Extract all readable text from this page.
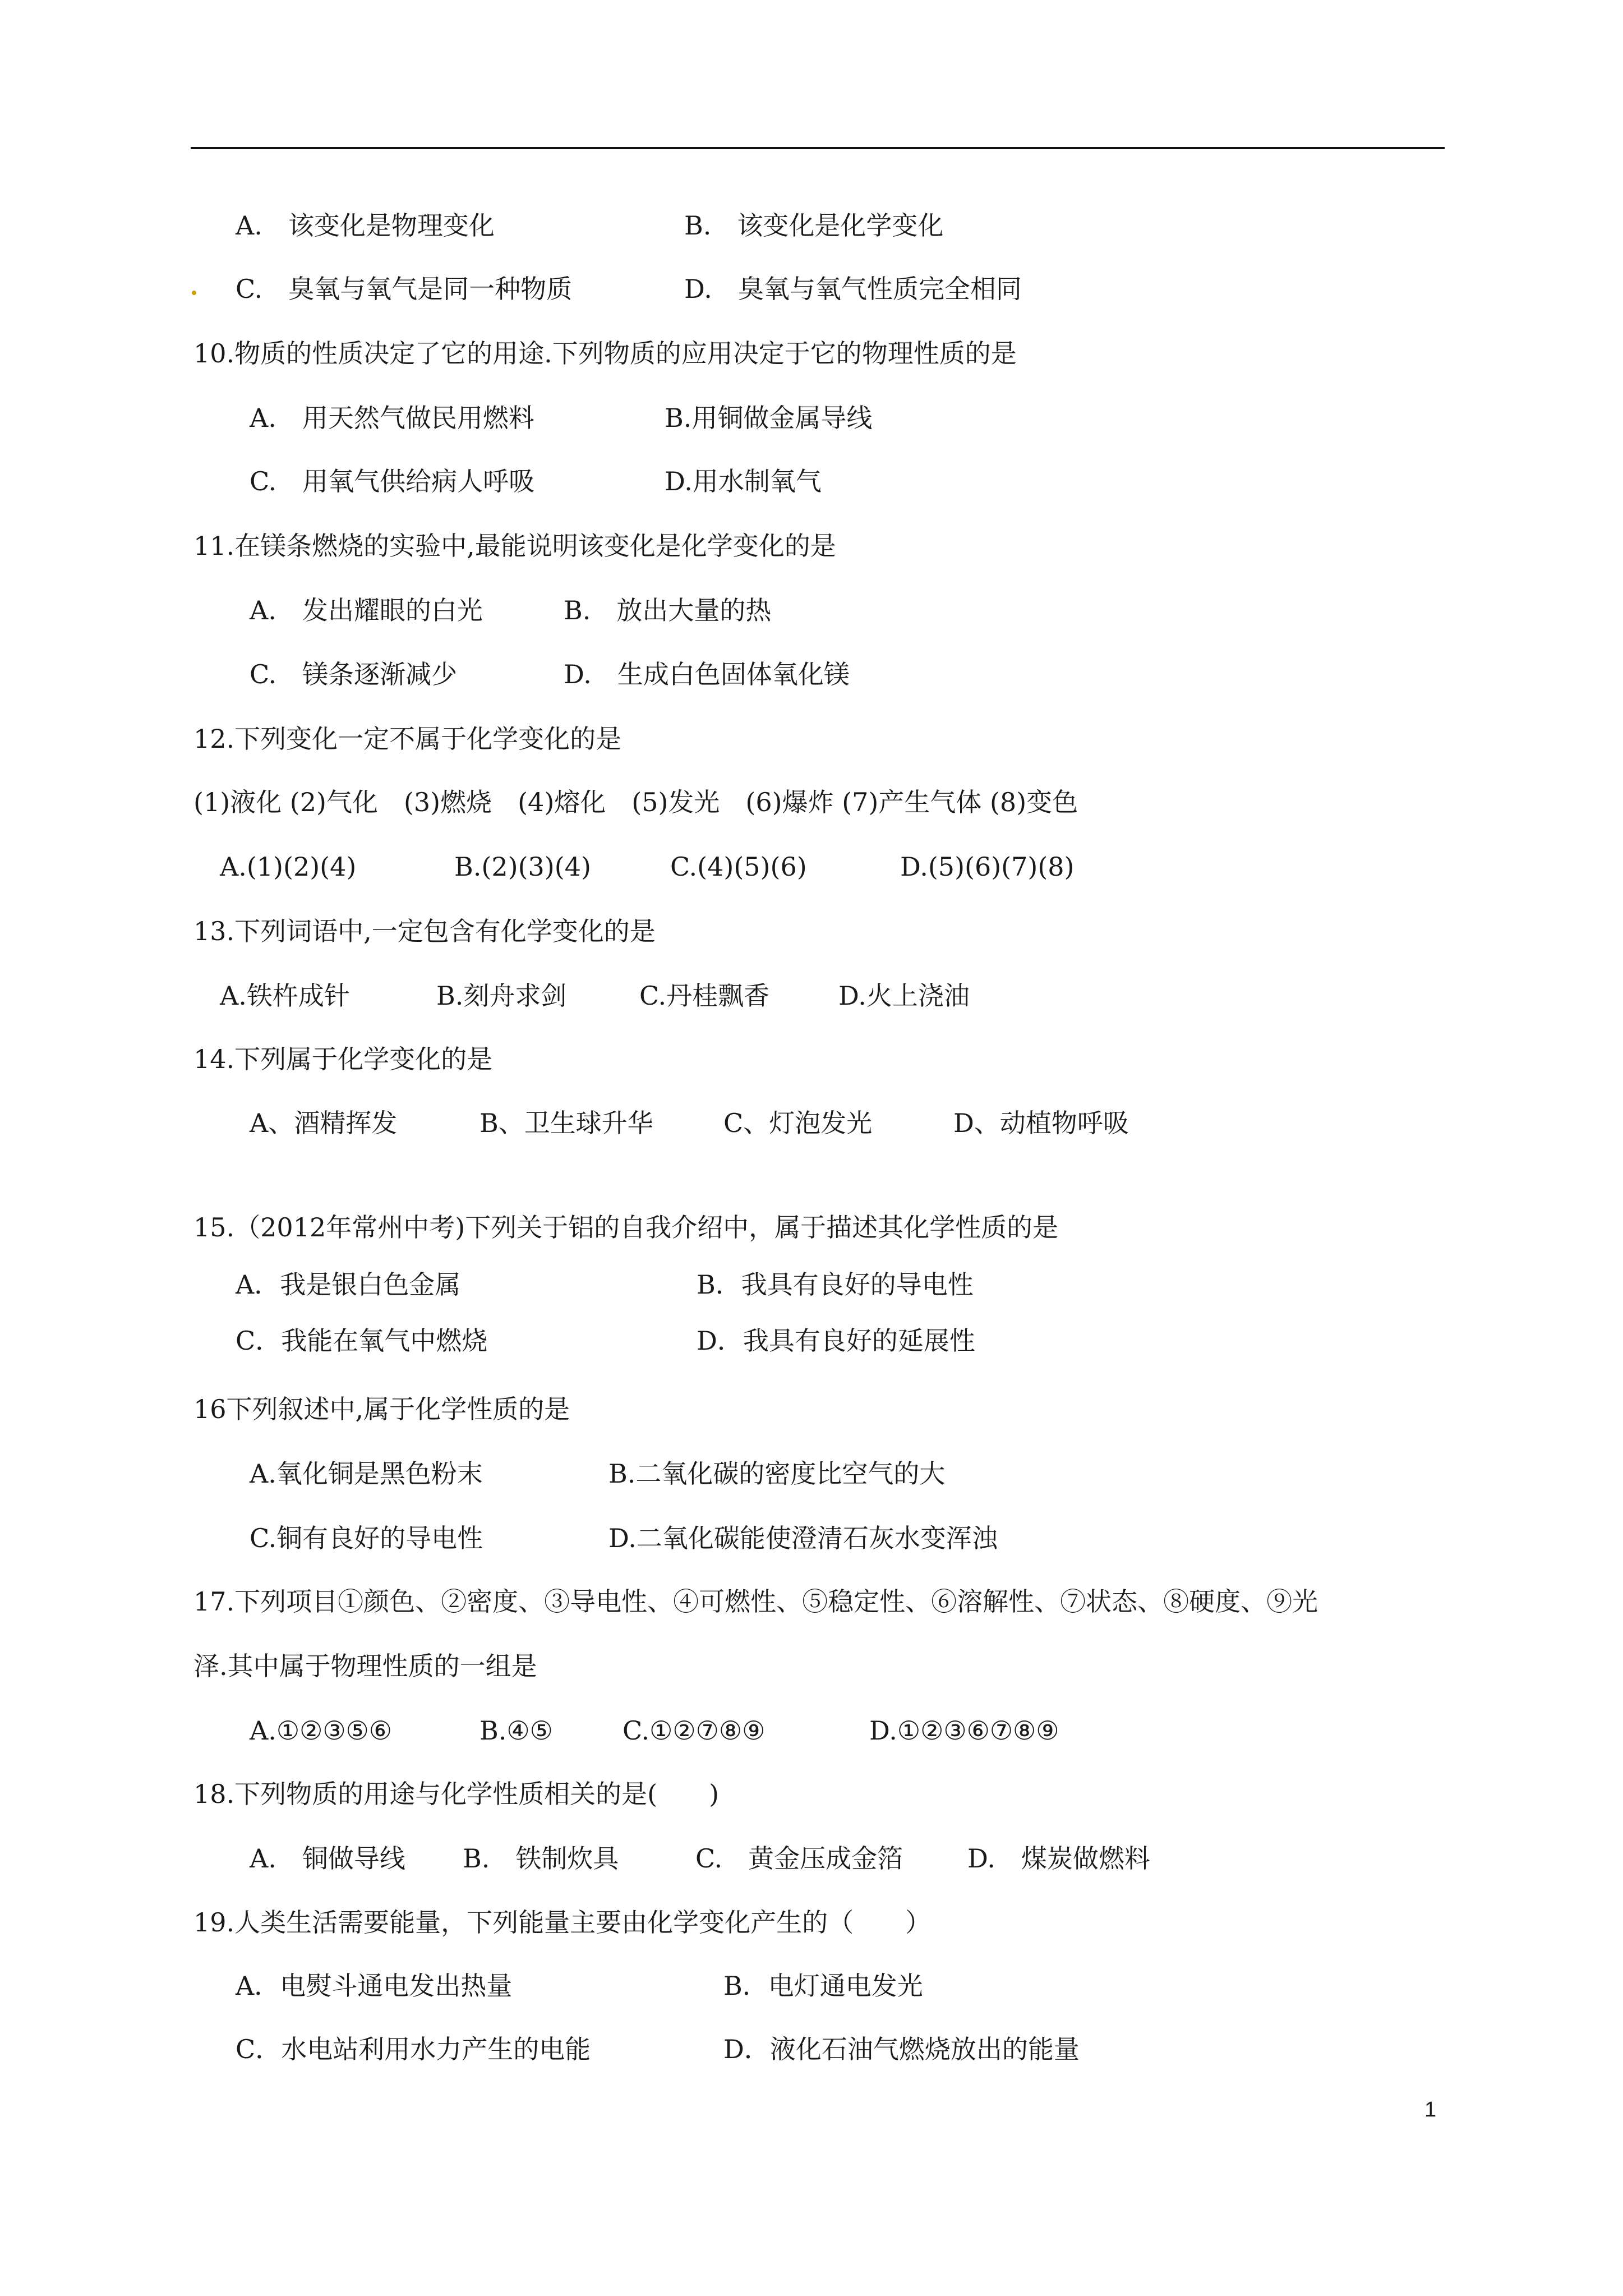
A.　该变化是物理变化	B.　该变化是化学变化
C.　臭氧与氧气是同一种物质	D.　臭氧与氧气性质完全相同
10.物质的性质决定了它的用途.下列物质的应用决定于它的物理性质的是
A.　用天然气做民用燃料	B.用铜做金属导线
C.　用氧气供给病人呼吸	D.用水制氧气
11.在镁条燃烧的实验中,最能说明该变化是化学变化的是
A.　发出耀眼的白光	B.　放出大量的热
C.　镁条逐渐减少	D.　生成白色固体氧化镁
12.下列变化一定不属于化学变化的是
(1)液化 (2)气化　(3)燃烧　(4)熔化　(5)发光　(6)爆炸 (7)产生气体 (8)变色
A.(1)(2)(4)	B.(2)(3)(4)	C.(4)(5)(6)	D.(5)(6)(7)(8)
13.下列词语中,一定包含有化学变化的是
A.铁杵成针	B.刻舟求剑	C.丹桂飘香	D.火上浇油
14.下列属于化学变化的是
A、酒精挥发	B、卫生球升华	C、灯泡发光	D、动植物呼吸
15.（2012年常州中考)下列关于铝的自我介绍中，属于描述其化学性质的是
A．我是银白色金属	B．我具有良好的导电性
C．我能在氧气中燃烧	D．我具有良好的延展性
16下列叙述中,属于化学性质的是
A.氧化铜是黑色粉末	B.二氧化碳的密度比空气的大
C.铜有良好的导电性	D.二氧化碳能使澄清石灰水变浑浊
17.下列项目①颜色、②密度、③导电性、④可燃性、⑤稳定性、⑥溶解性、⑦状态、⑧硬度、⑨光
泽.其中属于物理性质的一组是
A.①②③⑤⑥	B.④⑤	C.①②⑦⑧⑨	D.①②③⑥⑦⑧⑨
18.下列物质的用途与化学性质相关的是(　　)
A.　铜做导线 B.　铁制炊具	C.　黄金压成金箔 D.　煤炭做燃料
19.人类生活需要能量，下列能量主要由化学变化产生的（　　）
A．电熨斗通电发出热量	B．电灯通电发光
C．水电站利用水力产生的电能	D．液化石油气燃烧放出的能量
1
